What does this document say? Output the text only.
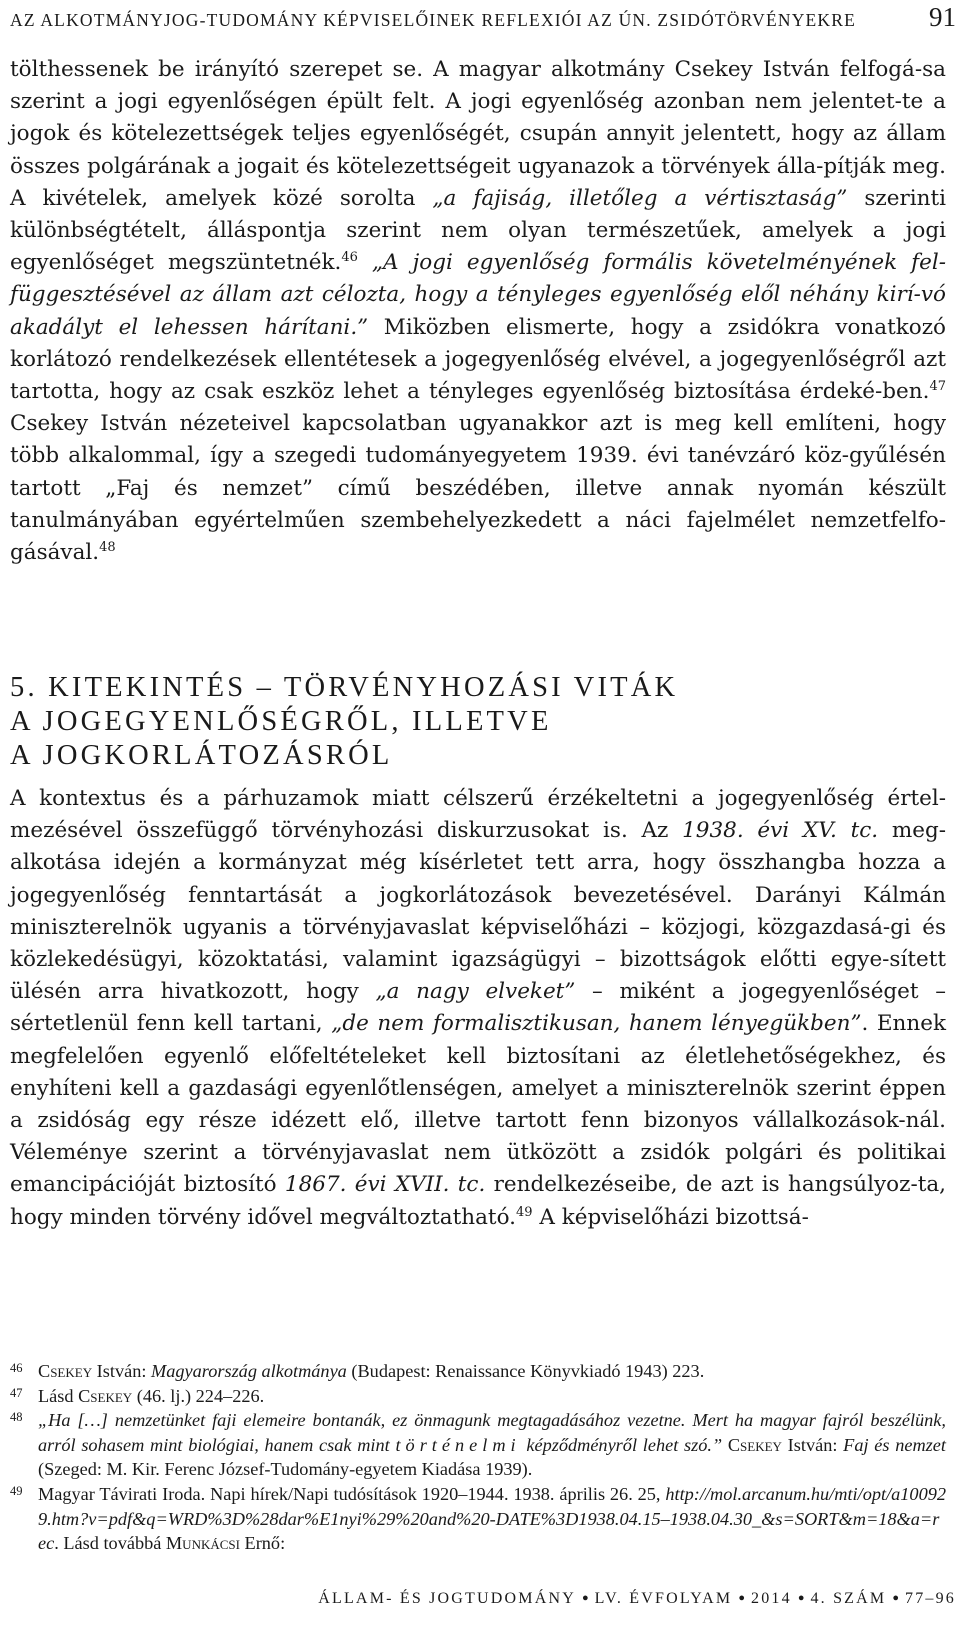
AZ ALKOTMÁNYJOG-TUDOMÁNY KÉPVISELŐINEK REFLEXIÓI AZ ÚN. ZSIDÓTÖRVÉNYEKRE	91

tölthessenek be irányító szerepet se. A magyar alkotmány Csekey István felfogá-sa szerint a jogi egyenlőségen épült felt. A jogi egyenlőség azonban nem jelentet-te a jogok és kötelezettségek teljes egyenlőségét, csupán annyit jelentett, hogy az állam összes polgárának a jogait és kötelezettségeit ugyanazok a törvények álla-pítják meg. A kivételek, amelyek közé sorolta „a fajiság, illetőleg a vértisztaság” szerinti különbségtételt, álláspontja szerint nem olyan természetűek, amelyek a jogi egyenlőséget megszüntetnék.$^{46}$ „A jogi egyenlőség formális követelményének fel-függesztésével az állam azt célozta, hogy a tényleges egyenlőség elől néhány kirí-vó akadályt el lehessen hárítani.” Miközben elismerte, hogy a zsidókra vonatkozó korlátozó rendelkezések ellentétesek a jogegyenlőség elvével, a jogegyenlőségről azt tartotta, hogy az csak eszköz lehet a tényleges egyenlőség biztosítása érdeké-ben.$^{47}$ Csekey István nézeteivel kapcsolatban ugyanakkor azt is meg kell említeni, hogy több alkalommal, így a szegedi tudományegyetem 1939. évi tanévzáró köz-gyűlésén tartott „Faj és nemzet” című beszédében, illetve annak nyomán készült tanulmányában egyértelműen szembehelyezkedett a náci fajelmélet nemzetfelfo-gásával.$^{48}$

5. KITEKINTÉS – TÖRVÉNYHOZÁSI VITÁK
A JOGEGYENLŐSÉGRŐL, ILLETVE
A JOGKORLÁTOZÁSRÓL

A kontextus és a párhuzamok miatt célszerű érzékeltetni a jogegyenlőség értel-mezésével összefüggő törvényhozási diskurzusokat is. Az 1938. évi XV. tc. meg-alkotása idején a kormányzat még kísérletet tett arra, hogy összhangba hozza a jogegyenlőség fenntartását a jogkorlátozások bevezetésével. Darányi Kálmán miniszterelnök ugyanis a törvényjavaslat képviselőházi – közjogi, közgazdasá-gi és közlekedésügyi, közoktatási, valamint igazságügyi – bizottságok előtti egye-sített ülésén arra hivatkozott, hogy „a nagy elveket” – miként a jogegyenlőséget – sértetlenül fenn kell tartani, „de nem formalisztikusan, hanem lényegükben”. Ennek megfelelően egyenlő előfeltételeket kell biztosítani az életlehetőségekhez, és enyhíteni kell a gazdasági egyenlőtlenségen, amelyet a miniszterelnök szerint éppen a zsidóság egy része idézett elő, illetve tartott fenn bizonyos vállalkozások-nál. Véleménye szerint a törvényjavaslat nem ütközött a zsidók polgári és politikai emancipációját biztosító 1867. évi XVII. tc. rendelkezéseibe, de azt is hangsúlyoz-ta, hogy minden törvény idővel megváltoztatható.$^{49}$ A képviselőházi bizottsá-

46 Csekey István: Magyarország alkotmánya (Budapest: Renaissance Könyvkiadó 1943) 223.
47 Lásd Csekey (46. lj.) 224–226.
48 „Ha […] nemzetünket faji elemeire bontanák, ez önmagunk megtagadásához vezetne. Mert ha magyar fajról beszélünk, arról sohasem mint biológiai, hanem csak mint történelmi képződményről lehet szó.” Csekey István: Faj és nemzet (Szeged: M. Kir. Ferenc József-Tudomány-egyetem Kiadása 1939).
49 Magyar Távirati Iroda. Napi hírek/Napi tudósítások 1920–1944. 1938. április 26. 25, http://mol.arcanum.hu/mti/opt/a100929.htm?v=pdf&q=WRD%3D%28dar%E1nyi%29%20and%20-DATE%3D1938.04.15–1938.04.30_&s=SORT&m=18&a=rec. Lásd továbbá Munkácsi Ernő:
ÁLLAM- ÉS JOGTUDOMÁNY ● LV. ÉVFOLYAM ● 2014 ● 4. SZÁM ● 77–96
